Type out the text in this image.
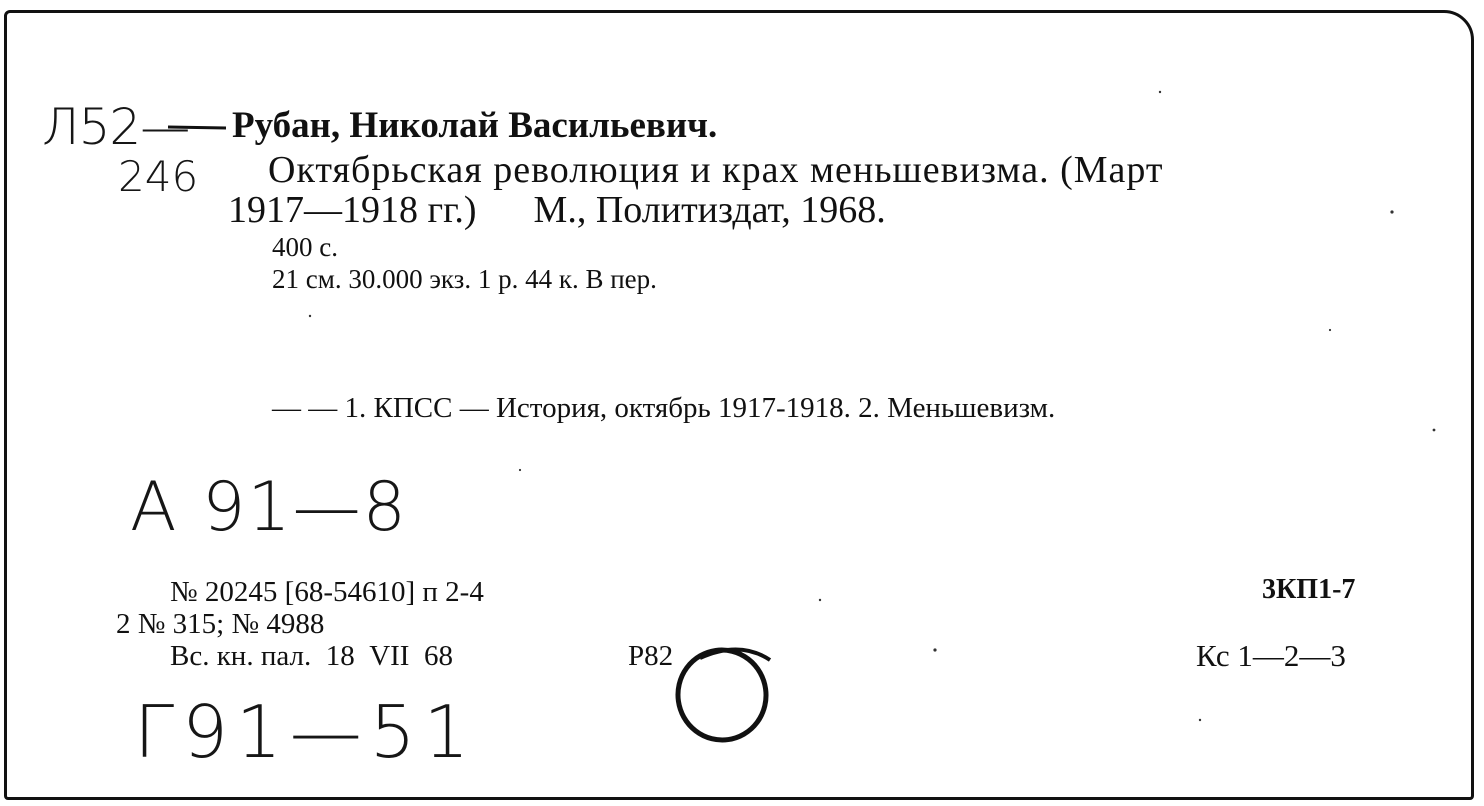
Л52—
246
Рубан, Николай Васильевич.
Октябрьская революция и крах меньшевизма. (Март
1917—1918 гг.)      М., Политиздат, 1968.
400 с.
21 см. 30.000 экз. 1 р. 44 к. В пер.
— — 1. КПСС — История, октябрь 1917-1918. 2. Меньшевизм.
A 91—8
№ 20245 [68-54610] п 2-4
2 № 315; № 4988
Вс. кн. пал.  18  VII  68	Р82
3КП1-7
Кс 1—2—3
Г91—51
